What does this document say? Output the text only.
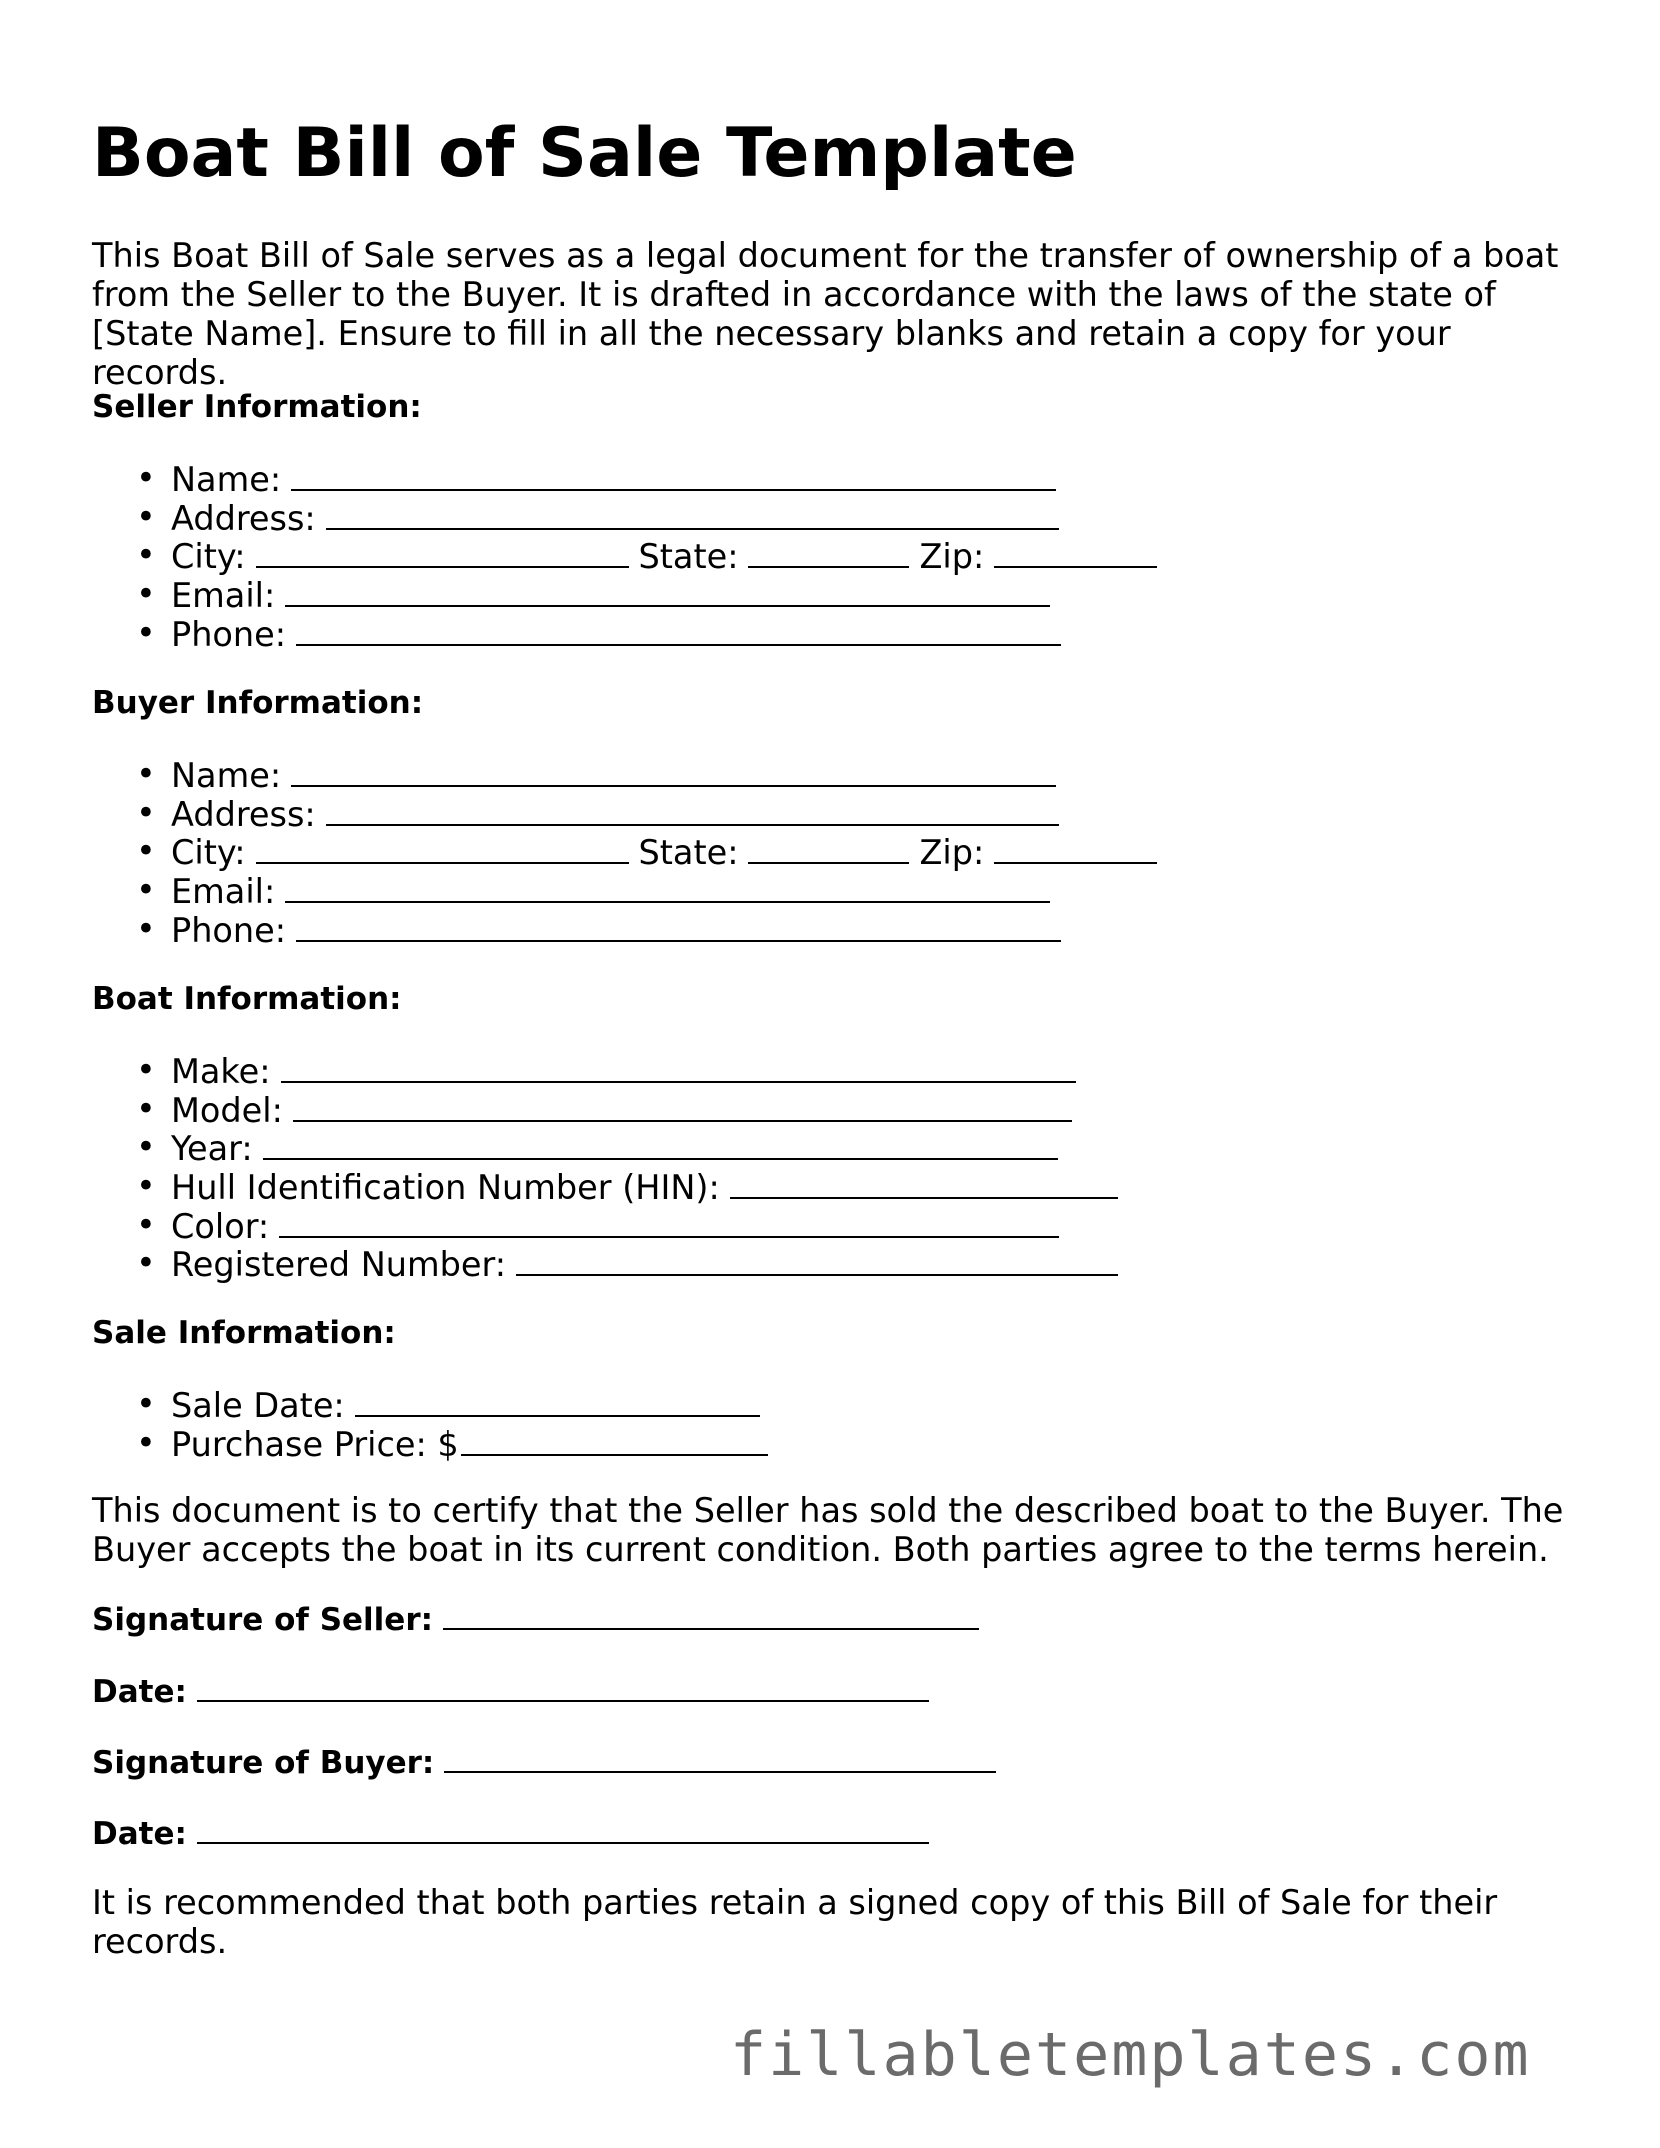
Boat Bill of Sale Template

This Boat Bill of Sale serves as a legal document for the transfer of ownership of a boat from the Seller to the Buyer. It is drafted in accordance with the laws of the state of [State Name]. Ensure to fill in all the necessary blanks and retain a copy for your records.

Seller Information:
• Name:
• Address:
• City:	State:	Zip:
• Email:
• Phone:
Buyer Information:
• Name:
• Address:
• City:	State:	Zip:
• Email:
• Phone:
Boat Information:
• Make:
• Model:
• Year:
• Hull Identification Number (HIN):
• Color:
• Registered Number:
Sale Information:
• Sale Date:
• Purchase Price: $

This document is to certify that the Seller has sold the described boat to the Buyer. The Buyer accepts the boat in its current condition. Both parties agree to the terms herein.

Signature of Seller:
Date:
Signature of Buyer:
Date:

It is recommended that both parties retain a signed copy of this Bill of Sale for their records.

fillabletemplates.com
